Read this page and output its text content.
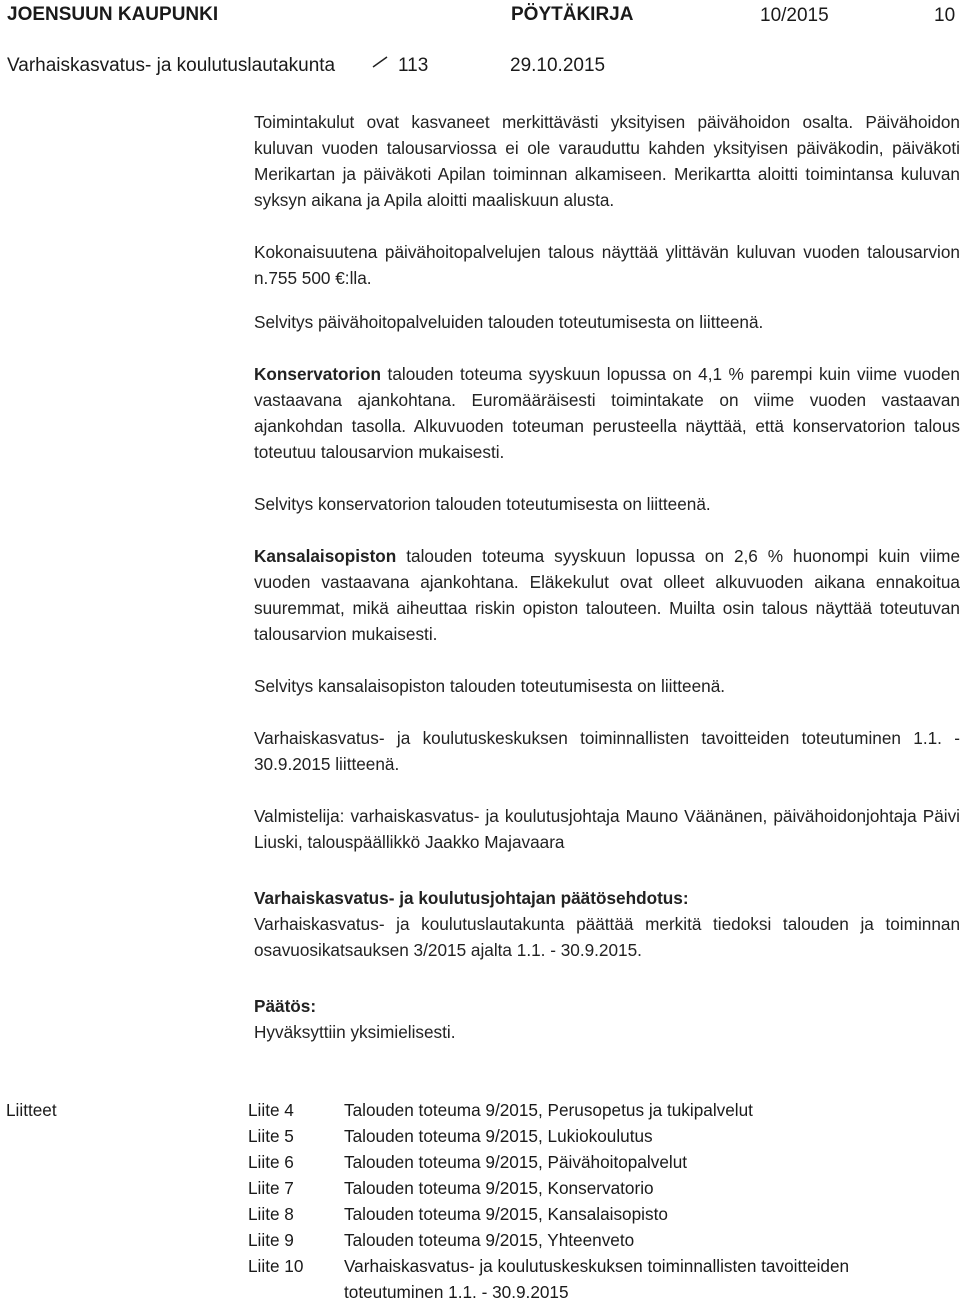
JOENSUUN KAUPUNKI	PÖYTÄKIRJA	10/2015	10
Varhaiskasvatus- ja koulutuslautakunta	113	29.10.2015

Toimintakulut ovat kasvaneet merkittävästi yksityisen päivähoidon osalta. Päivähoidon kuluvan vuoden talousarviossa ei ole varauduttu kahden yksityisen päiväkodin, päiväkoti Merikartan ja päiväkoti Apilan toiminnan alkamiseen. Merikartta aloitti toimintansa kuluvan syksyn aikana ja Apila aloitti maaliskuun alusta.

Kokonaisuutena päivähoitopalvelujen talous näyttää ylittävän kuluvan vuoden talousarvion n.755 500 €:lla.

Selvitys päivähoitopalveluiden talouden toteutumisesta on liitteenä.

Konservatorion talouden toteuma syyskuun lopussa on 4,1 % parempi kuin viime vuoden vastaavana ajankohtana. Euromääräisesti toimintakate on viime vuoden vastaavan ajankohdan tasolla. Alkuvuoden toteuman perusteella näyttää, että konservatorion talous toteutuu talousarvion mukaisesti.

Selvitys konservatorion talouden toteutumisesta on liitteenä.

Kansalaisopiston talouden toteuma syyskuun lopussa on 2,6 % huonompi kuin viime vuoden vastaavana ajankohtana. Eläkekulut ovat olleet alkuvuoden aikana ennakoitua suuremmat, mikä aiheuttaa riskin opiston talouteen. Muilta osin talous näyttää toteutuvan talousarvion mukaisesti.

Selvitys kansalaisopiston talouden toteutumisesta on liitteenä.

Varhaiskasvatus- ja koulutuskeskuksen toiminnallisten tavoitteiden toteutuminen 1.1. - 30.9.2015 liitteenä.

Valmistelija: varhaiskasvatus- ja koulutusjohtaja Mauno Väänänen, päivähoidonjohtaja Päivi Liuski, talouspäällikkö Jaakko Majavaara

Varhaiskasvatus- ja koulutusjohtajan päätösehdotus:

Varhaiskasvatus- ja koulutuslautakunta päättää merkitä tiedoksi talouden ja toiminnan osavuosikatsauksen 3/2015 ajalta 1.1. - 30.9.2015.

Päätös:

Hyväksyttiin yksimielisesti.

Liitteet	Liite 4	Talouden toteuma 9/2015, Perusopetus ja tukipalvelut
Liite 5	Talouden toteuma 9/2015, Lukiokoulutus
Liite 6	Talouden toteuma 9/2015, Päivähoitopalvelut
Liite 7	Talouden toteuma 9/2015, Konservatorio
Liite 8	Talouden toteuma 9/2015, Kansalaisopisto
Liite 9	Talouden toteuma 9/2015, Yhteenveto
Liite 10	Varhaiskasvatus- ja koulutuskeskuksen toiminnallisten tavoitteiden toteutuminen 1.1. - 30.9.2015
